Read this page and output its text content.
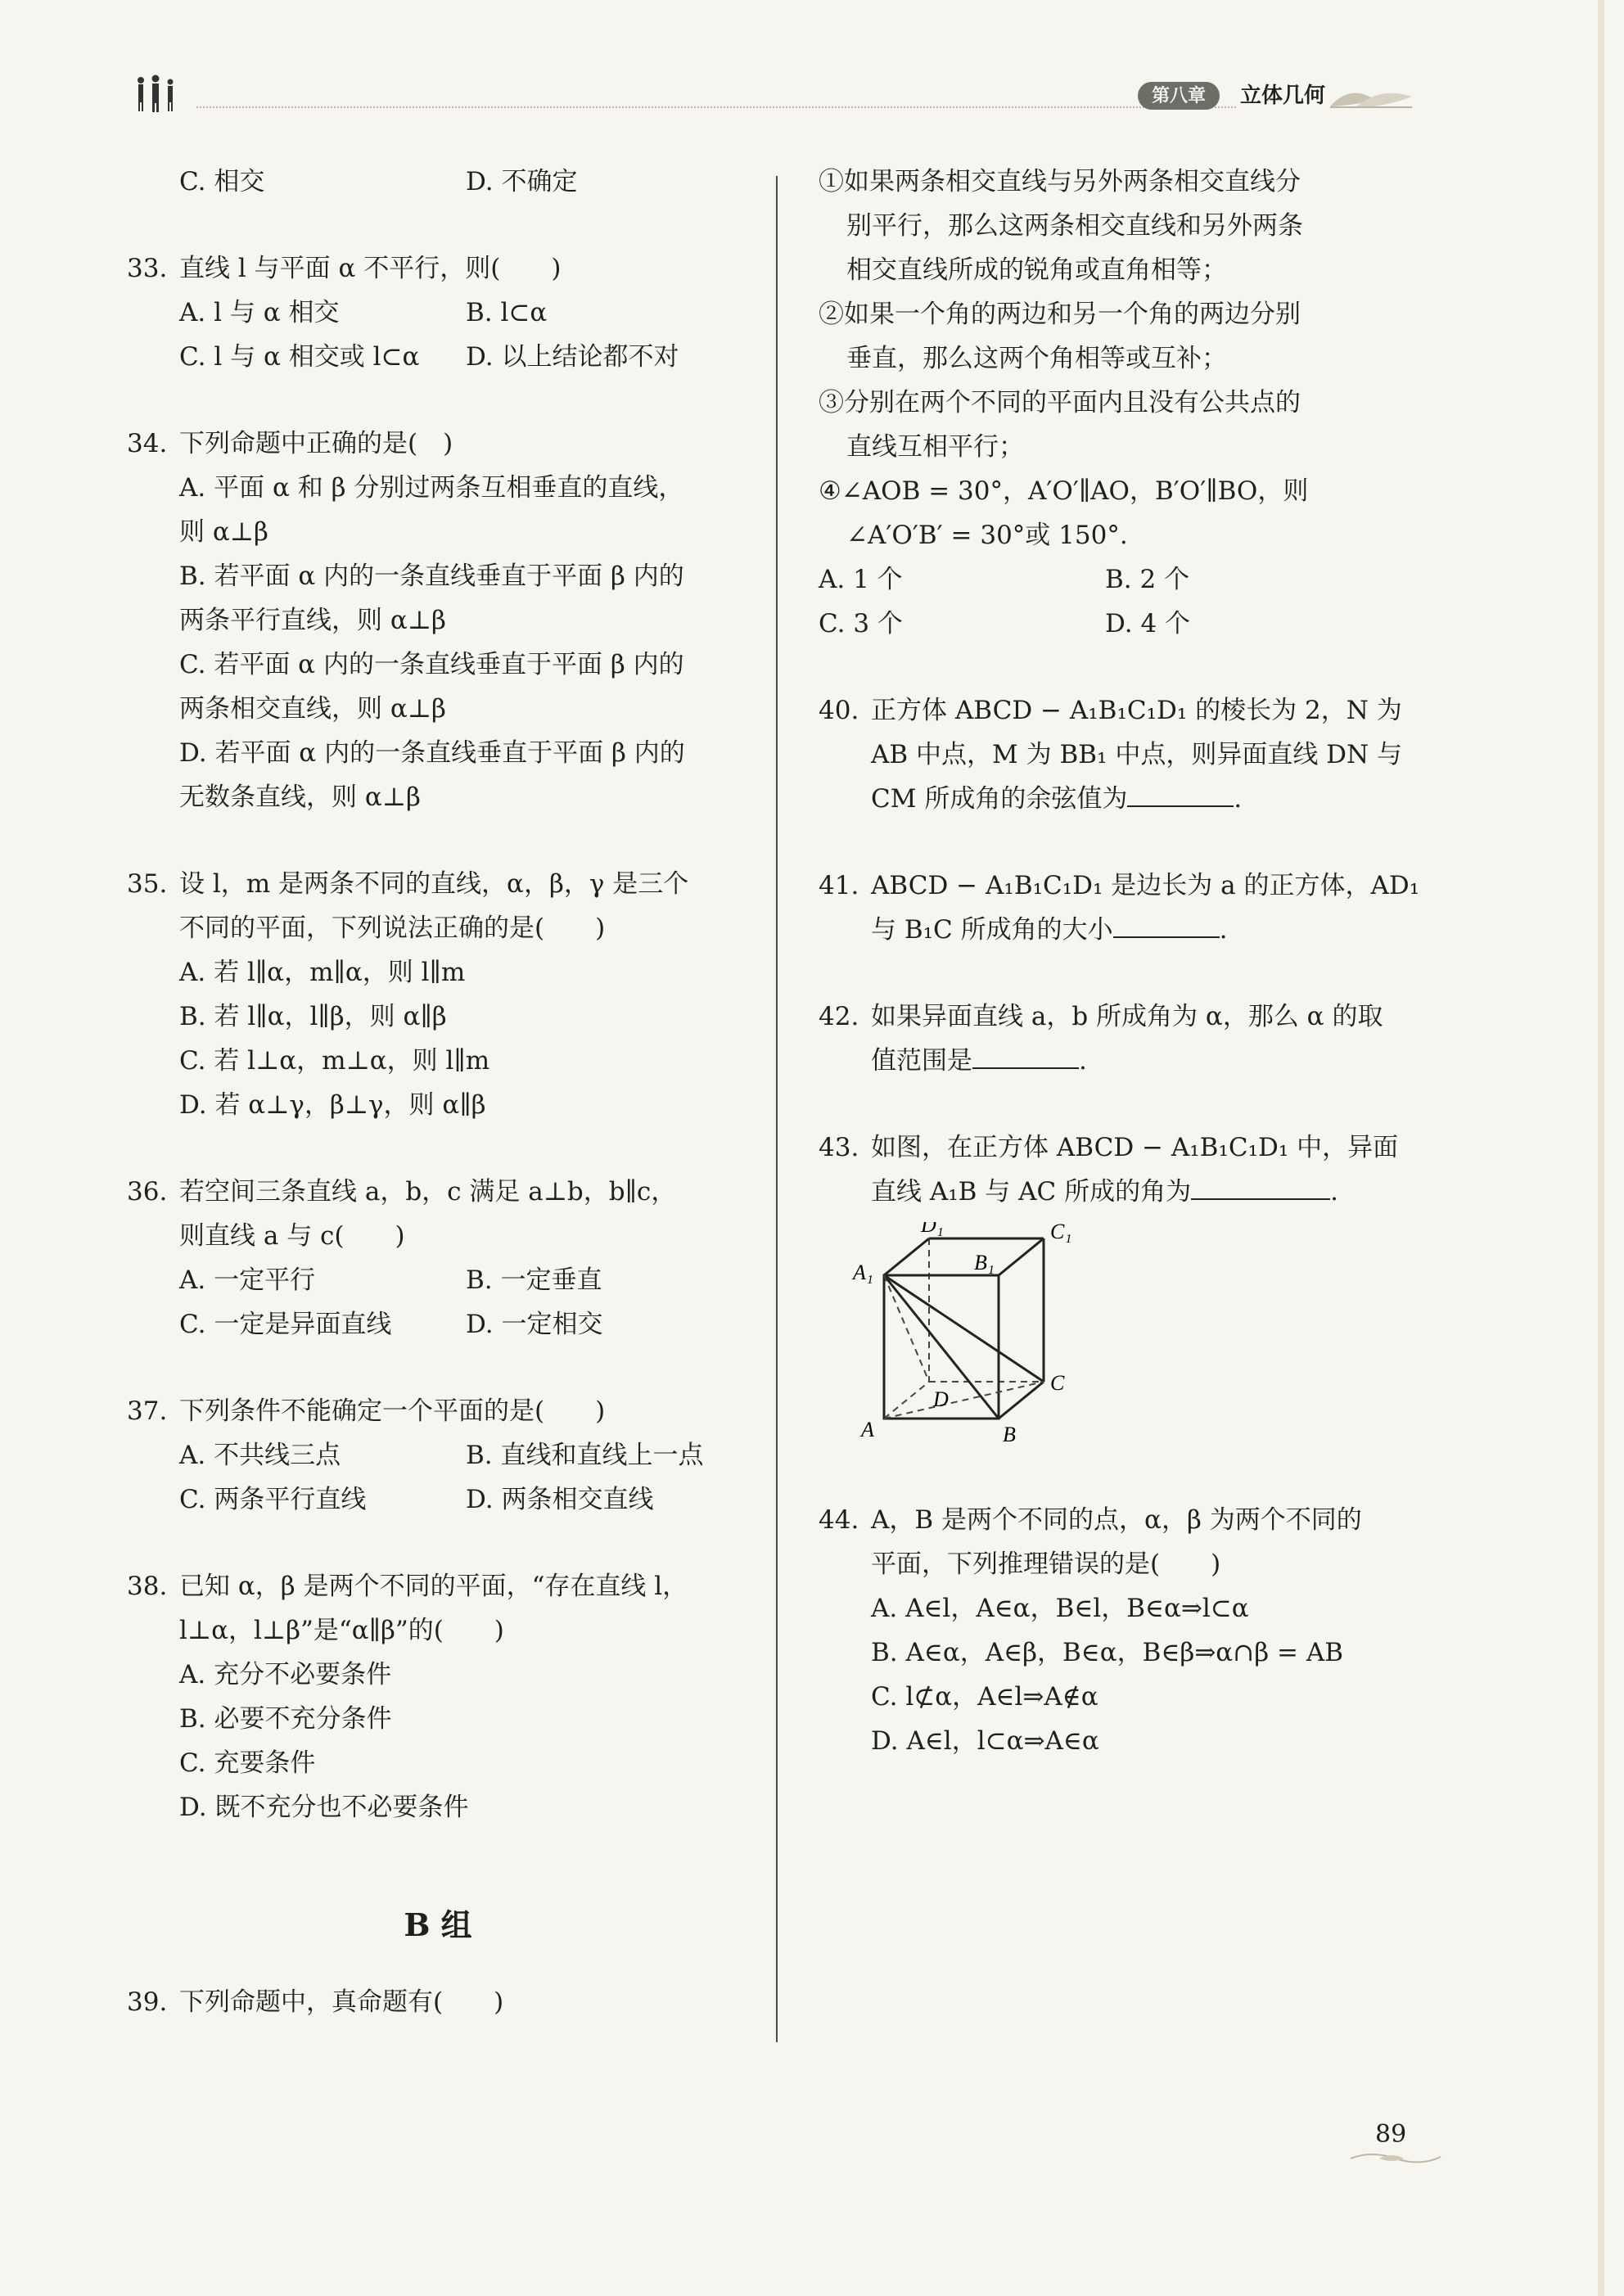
第八章	立体几何
C. 相交	D. 不确定
33. 直线 l 与平面 α 不平行，则(　　)
A. l 与 α 相交	B. l⊂α
C. l 与 α 相交或 l⊂α	D. 以上结论都不对
34. 下列命题中正确的是(　)
A. 平面 α 和 β 分别过两条互相垂直的直线，
则 α⊥β
B. 若平面 α 内的一条直线垂直于平面 β 内的
两条平行直线，则 α⊥β
C. 若平面 α 内的一条直线垂直于平面 β 内的
两条相交直线，则 α⊥β
D. 若平面 α 内的一条直线垂直于平面 β 内的
无数条直线，则 α⊥β
35. 设 l，m 是两条不同的直线，α，β，γ 是三个
不同的平面，下列说法正确的是(　　)
A. 若 l∥α，m∥α，则 l∥m
B. 若 l∥α，l∥β，则 α∥β
C. 若 l⊥α，m⊥α，则 l∥m
D. 若 α⊥γ，β⊥γ，则 α∥β
36. 若空间三条直线 a，b，c 满足 a⊥b，b∥c，
则直线 a 与 c(　　)
A. 一定平行	B. 一定垂直
C. 一定是异面直线	D. 一定相交
37. 下列条件不能确定一个平面的是(　　)
A. 不共线三点	B. 直线和直线上一点
C. 两条平行直线	D. 两条相交直线
38. 已知 α，β 是两个不同的平面，“存在直线 l，
l⊥α，l⊥β”是“α∥β”的(　　)
A. 充分不必要条件
B. 必要不充分条件
C. 充要条件
D. 既不充分也不必要条件
B 组
39. 下列命题中，真命题有(　　)
①如果两条相交直线与另外两条相交直线分
别平行，那么这两条相交直线和另外两条
相交直线所成的锐角或直角相等；
②如果一个角的两边和另一个角的两边分别
垂直，那么这两个角相等或互补；
③分别在两个不同的平面内且没有公共点的
直线互相平行；
④∠AOB = 30°，A′O′∥AO，B′O′∥BO，则
∠A′O′B′ = 30°或 150°.
A. 1 个	B. 2 个
C. 3 个	D. 4 个
40. 正方体 ABCD − A₁B₁C₁D₁ 的棱长为 2，N 为
AB 中点，M 为 BB₁ 中点，则异面直线 DN 与
CM 所成角的余弦值为	.
41. ABCD − A₁B₁C₁D₁ 是边长为 a 的正方体，AD₁
与 B₁C 所成角的大小	.
42. 如果异面直线 a，b 所成角为 α，那么 α 的取
值范围是	.
43. 如图，在正方体 ABCD − A₁B₁C₁D₁ 中，异面
直线 A₁B 与 AC 所成的角为	.
A	B
C
D
A₁	B₁
C₁
D₁
44. A，B 是两个不同的点，α，β 为两个不同的
平面，下列推理错误的是(　　)
A. A∈l，A∈α，B∈l，B∈α⇒l⊂α
B. A∈α，A∈β，B∈α，B∈β⇒α∩β = AB
C. l⊄α，A∈l⇒A∉α
D. A∈l，l⊂α⇒A∈α
89
